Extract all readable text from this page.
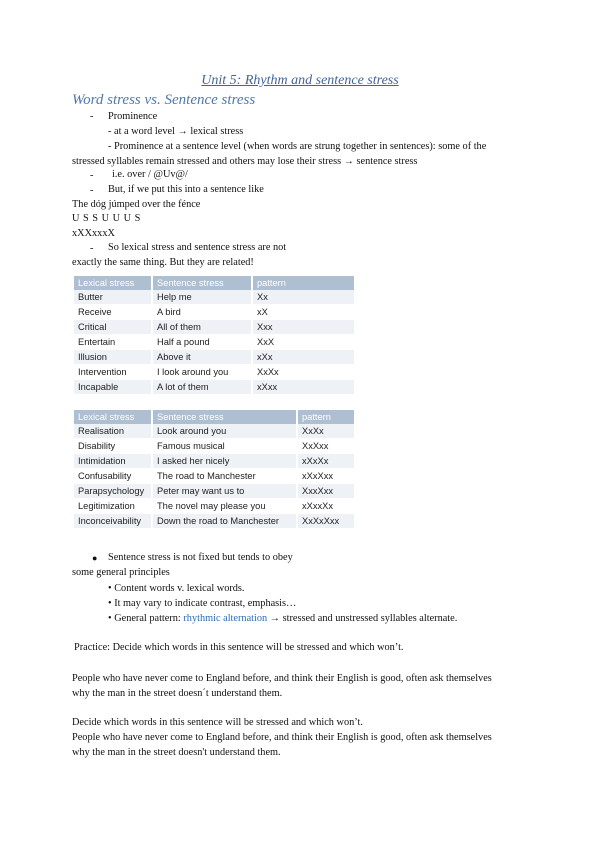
Unit 5: Rhythm and sentence stress
Word stress vs. Sentence stress
- Prominence
- at a word level → lexical stress
- Prominence at a sentence level (when words are strung together in sentences): some of the
stressed syllables remain stressed and others may lose their stress → sentence stress
- i.e. over / @Uv@/
- But, if we put this into a sentence like
The dóg júmped over the fénce
U S S U U U S
xXXxxxX
- So lexical stress and sentence stress are not
exactly the same thing. But they are related!
Lexical stress	Sentence stress	pattern
Butter	Help me	Xx
Receive	A bird	xX
Critical	All of them	Xxx
Entertain	Half a pound	XxX
Illusion	Above it	xXx
Intervention	I look around you	XxXx
Incapable	A lot of them	xXxx
Lexical stress	Sentence stress	pattern
Realisation	Look around you	XxXx
Disability	Famous musical	XxXxx
Intimidation	I asked her nicely	xXxXx
Confusability	The road to Manchester	xXxXxx
Parapsychology	Peter may want us to	XxxXxx
Legitimization	The novel may please you	xXxxXx
Inconceivability	Down the road to Manchester	XxXxXxx
● Sentence stress is not fixed but tends to obey
some general principles
• Content words v. lexical words.
• It may vary to indicate contrast, emphasis…
• General pattern: rhythmic alternation → stressed and unstressed syllables alternate.
Practice: Decide which words in this sentence will be stressed and which won’t.
People who have never come to England before, and think their English is good, often ask themselves
why the man in the street doesn´t understand them.
Decide which words in this sentence will be stressed and which won’t.
People who have never come to England before, and think their English is good, often ask themselves
why the man in the street doesn't understand them.
